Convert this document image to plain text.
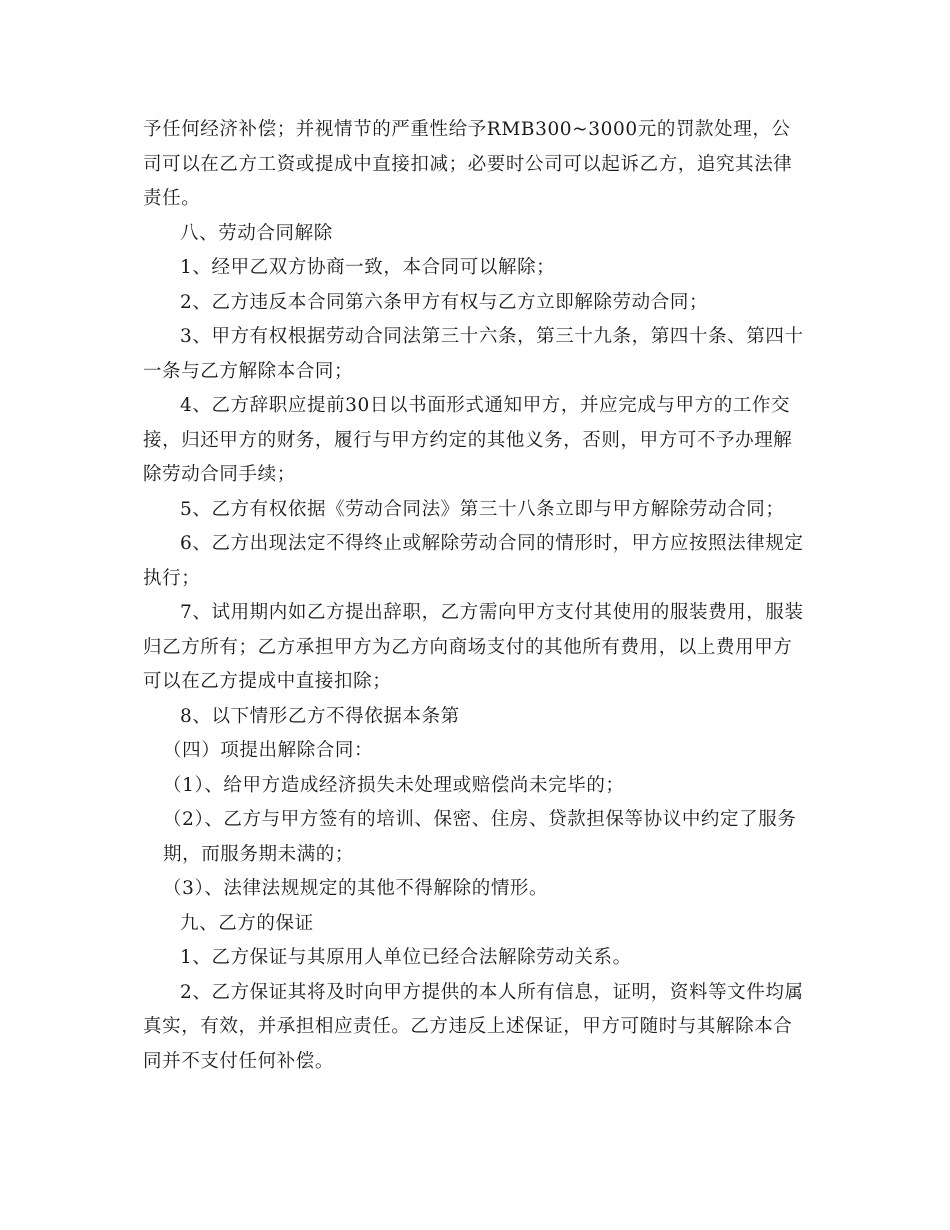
予任何经济补偿；并视情节的严重性给予RMB300~3000元的罚款处理，公司可以在乙方工资或提成中直接扣减；必要时公司可以起诉乙方，追究其法律责任。

八、劳动合同解除

1、经甲乙双方协商一致，本合同可以解除；

2、乙方违反本合同第六条甲方有权与乙方立即解除劳动合同；

3、甲方有权根据劳动合同法第三十六条，第三十九条，第四十条、第四十一条与乙方解除本合同；

4、乙方辞职应提前30日以书面形式通知甲方，并应完成与甲方的工作交接，归还甲方的财务，履行与甲方约定的其他义务，否则，甲方可不予办理解除劳动合同手续；

5、乙方有权依据《劳动合同法》第三十八条立即与甲方解除劳动合同；

6、乙方出现法定不得终止或解除劳动合同的情形时，甲方应按照法律规定执行；

7、试用期内如乙方提出辞职，乙方需向甲方支付其使用的服装费用，服装归乙方所有；乙方承担甲方为乙方向商场支付的其他所有费用，以上费用甲方可以在乙方提成中直接扣除；

8、以下情形乙方不得依据本条第

（四）项提出解除合同：

（1）、给甲方造成经济损失未处理或赔偿尚未完毕的；

（2）、乙方与甲方签有的培训、保密、住房、贷款担保等协议中约定了服务期，而服务期未满的；

（3）、法律法规规定的其他不得解除的情形。

九、乙方的保证

1、乙方保证与其原用人单位已经合法解除劳动关系。

2、乙方保证其将及时向甲方提供的本人所有信息，证明，资料等文件均属真实，有效，并承担相应责任。乙方违反上述保证，甲方可随时与其解除本合同并不支付任何补偿。
